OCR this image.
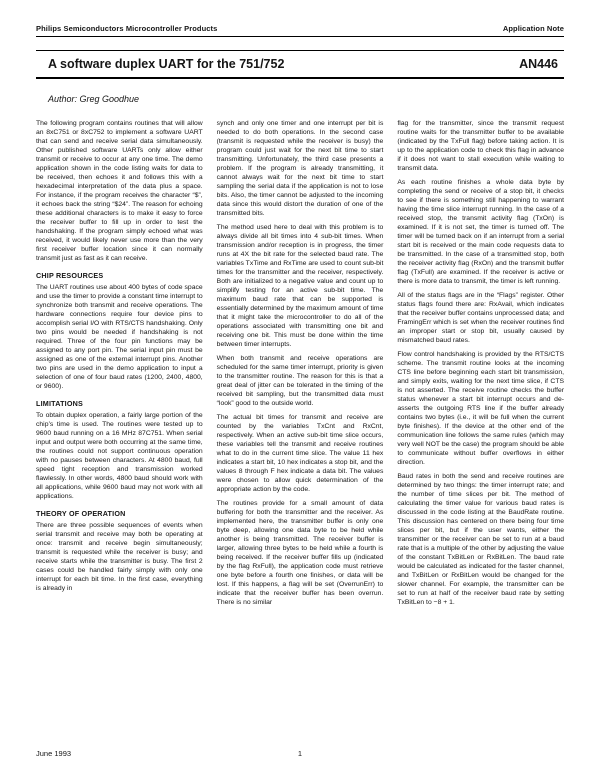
Philips Semiconductors Microcontroller Products	Application Note
A software duplex UART for the 751/752	AN446
Author: Greg Goodhue

The following program contains routines that will allow an 8xC751 or 8xC752 to implement a software UART that can send and receive serial data simultaneously. Other published software UARTs only allow either transmit or receive to occur at any one time. The demo application shown in the code listing waits for data to be received, then echoes it and follows this with a hexadecimal interpretation of the data plus a space. For instance, if the program receives the character “$”, it echoes back the string “$24”. The reason for echoing these additional characters is to make it easy to force the receiver buffer to fill up in order to test the handshaking. If the program simply echoed what was received, it would likely never use more than the very first receiver buffer location since it can normally transmit just as fast as it can receive.

CHIP RESOURCES

The UART routines use about 400 bytes of code space and use the timer to provide a constant time interrupt to synchronize both transmit and receive operations. The hardware connections require four device pins to accomplish serial I/O with RTS/CTS handshaking. Only two pins would be needed if handshaking is not required. Three of the four pin functions may be assigned to any port pin. The serial input pin must be assigned as one of the external interrupt pins. Another two pins are used in the demo application to input a selection of one of four baud rates (1200, 2400, 4800, or 9600).

LIMITATIONS

To obtain duplex operation, a fairly large portion of the chip’s time is used. The routines were tested up to 9600 baud running on a 16 MHz 87C751. When serial input and output were both occurring at the same time, the routines could not support continuous operation with no pauses between characters. At 4800 baud, full speed tight reception and transmission worked flawlessly. In other words, 4800 baud should work with all applications, while 9600 baud may not work with all applications.

THEORY OF OPERATION

There are three possible sequences of events when serial transmit and receive may both be operating at once: transmit and receive begin simultaneously; transmit is requested while the receiver is busy; and receive starts while the transmitter is busy. The first 2 cases could be handled fairly simply with only one interrupt for each bit time. In the first case, everything is already in

synch and only one timer and one interrupt per bit is needed to do both operations. In the second case (transmit is requested while the receiver is busy) the program could just wait for the next bit time to start transmitting. Unfortunately, the third case presents a problem. If the program is already transmitting, it cannot always wait for the next bit time to start sampling the serial data if the application is not to lose bits. Also, the timer cannot be adjusted to the incoming data since this would distort the duration of one of the transmitted bits.

The method used here to deal with this problem is to always divide all bit times into 4 sub-bit times. When transmission and/or reception is in progress, the timer runs at 4X the bit rate for the selected baud rate. The variables TxTime and RxTime are used to count sub-bit times for the transmitter and the receiver, respectively. Both are initialized to a negative value and count up to simplify testing for an active sub-bit time. The maximum baud rate that can be supported is essentially determined by the maximum amount of time that it might take the microcontroller to do all of the operations associated with transmitting one bit and receiving one bit. This must be done within the time between timer interrupts.

When both transmit and receive operations are scheduled for the same timer interrupt, priority is given to the transmitter routine. The reason for this is that a great deal of jitter can be tolerated in the timing of the received bit sampling, but the transmitted data must “look” good to the outside world.

The actual bit times for transmit and receive are counted by the variables TxCnt and RxCnt, respectively. When an active sub-bit time slice occurs, these variables tell the transmit and receive routines what to do in the current time slice. The value 11 hex indicates a start bit, 10 hex indicates a stop bit, and the values 8 through F hex indicate a data bit. The values were chosen to allow quick determination of the appropriate action by the code.

The routines provide for a small amount of data buffering for both the transmitter and the receiver. As implemented here, the transmitter buffer is only one byte deep, allowing one data byte to be held while another is being transmitted. The receiver buffer is larger, allowing three bytes to be held while a fourth is being received. If the receiver buffer fills up (indicated by the flag RxFull), the application code must retrieve one byte before a fourth one finishes, or data will be lost. If this happens, a flag will be set (OverrunErr) to indicate that the receiver buffer has been overrun. There is no similar

flag for the transmitter, since the transmit request routine waits for the transmitter buffer to be available (indicated by the TxFull flag) before taking action. It is up to the application code to check this flag in advance if it does not want to stall execution while waiting to transmit data.

As each routine finishes a whole data byte by completing the send or receive of a stop bit, it checks to see if there is something still happening to warrant having the time slice interrupt running. In the case of a received stop, the transmit activity flag (TxOn) is examined. If it is not set, the timer is turned off. The timer will be turned back on if an interrupt from a serial start bit is received or the main code requests data to be transmitted. In the case of a transmitted stop, both the receiver activity flag (RxOn) and the transmit buffer flag (TxFull) are examined. If the receiver is active or there is more data to transmit, the timer is left running.

All of the status flags are in the “Flags” register. Other status flags found there are: RxAvail, which indicates that the receiver buffer contains unprocessed data; and FramingErr which is set when the receiver routines find an improper start or stop bit, usually caused by mismatched baud rates.

Flow control handshaking is provided by the RTS/CTS scheme. The transmit routine looks at the incoming CTS line before beginning each start bit transmission, and simply exits, waiting for the next time slice, if CTS is not asserted. The receive routine checks the buffer status whenever a start bit interrupt occurs and de-asserts the outgoing RTS line if the buffer already contains two bytes (i.e., it will be full when the current byte finishes). If the device at the other end of the communication line follows the same rules (which may very well NOT be the case) the program should be able to communicate without buffer overflows in either direction.

Baud rates in both the send and receive routines are determined by two things: the timer interrupt rate; and the number of time slices per bit. The method of calculating the timer value for various baud rates is discussed in the code listing at the BaudRate routine. This discussion has centered on there being four time slices per bit, but if the user wants, either the transmitter or the receiver can be set to run at a baud rate that is a multiple of the other by adjusting the value of the constant TxBitLen or RxBitLen. The baud rate would be calculated as indicated for the faster channel, and TxBitLen or RxBitLen would be changed for the slower channel. For example, the transmitter can be set to run at half of the receiver baud rate by setting TxBitLen to −8 + 1.

June 1993	1
